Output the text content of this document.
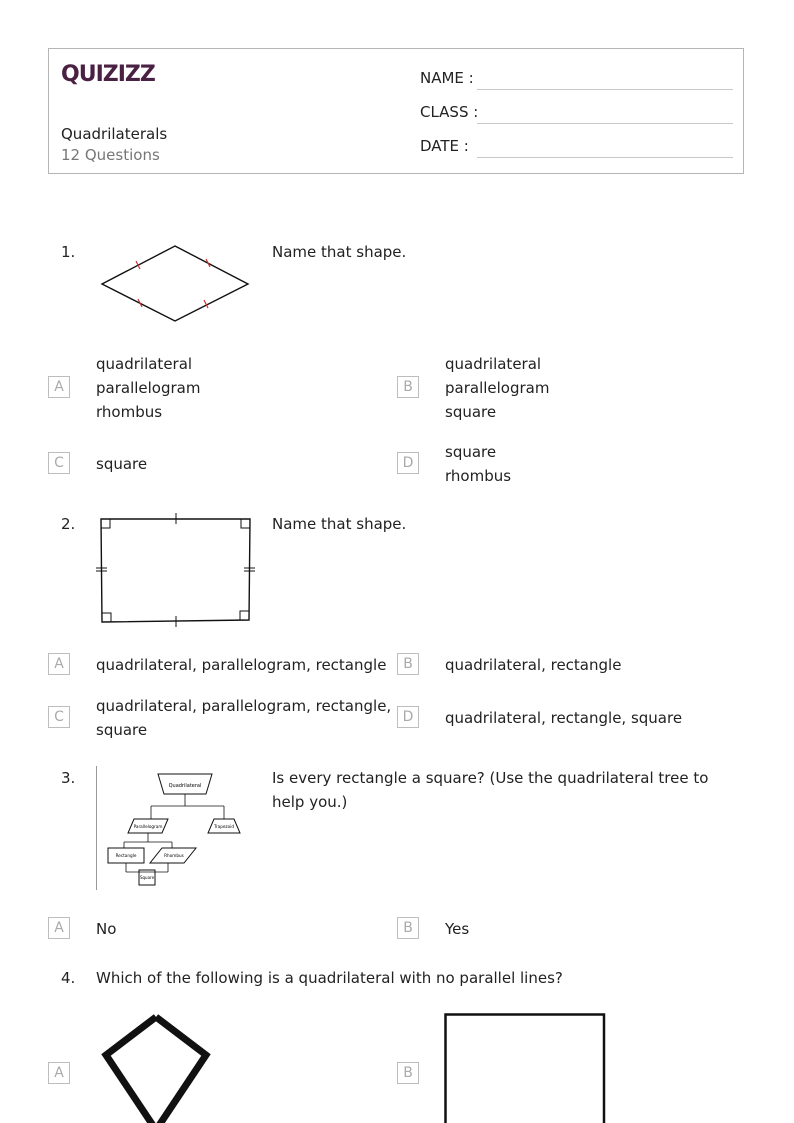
QUIZIZZ
Quadrilaterals
12 Questions
NAME :
CLASS :
DATE :
1.	Name that shape.
A
quadrilateral
parallelogram
rhombus
B
quadrilateral
parallelogram
square
C	square	D
square
rhombus
2.	Name that shape.
A	quadrilateral, parallelogram, rectangle	B	quadrilateral, rectangle
C
quadrilateral, parallelogram, rectangle,
square
D	quadrilateral, rectangle, square
3.	Quadrilateral
Parallelogram	Trapezoid
Rectangle	Rhombus
Square
Is every rectangle a square? (Use the quadrilateral tree to help you.)
A	No	B	Yes
4. Which of the following is a quadrilateral with no parallel lines?
A	B
